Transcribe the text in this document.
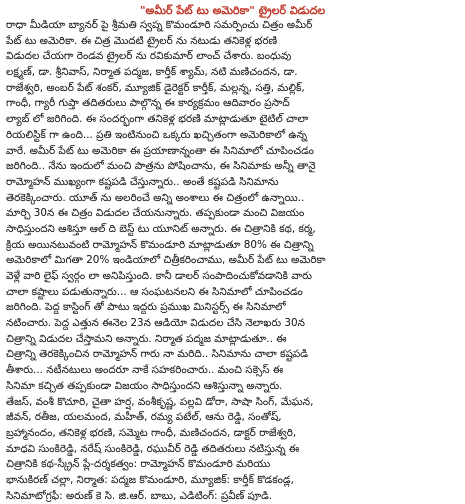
"అమీర్ పేట్ టు అమెరికా" ట్రైలర్ విడుదల
రాధా మీడియా బ్యానర్ పై శ్రీమతి స్వప్న కొమండూరి సమర్పించు చిత్రం అమీర్
పేట్ టు అమెరికా. ఈ చిత్ర మొదటి ట్రైలర్ ను నటుడు తనికెళ్ల భరణి
విడుదల చేయగా రెండవ ట్రైలర్ ను రవికుమార్ లాంచ్ చేశారు. బంధువు
లక్ష్మణ్, డా. శ్రీనివాస్, నిర్మాత పద్మజ, కార్తీక్ శ్యామ్, నటి మణిచందన, డా.
రాజేశ్వరి, అంబర్ పేట్ శంకర్, మ్యూజిక్ డైరెక్టర్ కార్తీక్, మల్లన్న, సత్తి, మల్లిక్,
గాంధీ, గ్యారీ గుప్తా తదితరులు పాల్గొన్న ఈ కార్యక్రమం ఆదివారం ప్రసాద్
ల్యాబ్ లో జరిగింది. ఈ సందర్భంగా తనికెళ్ల భరణి మాట్లాడుతూ టైటిల్ చాలా
రియలిస్టిక్ గా ఉంది... ప్రతి ఇంటినుంచి ఒక్కరు ఖచ్చితంగా అమెరికాలో ఉన్న
వారే. అమీర్ పేట్ టు అమెరికా ఈ ప్రయాణాన్నంతా ఈ సినిమాలో చూపించడం
జరిగింది.. నేను ఇందులో మంచి పాత్రను పోషించాను, ఈ సినిమాకు అన్నీ తానై
రామ్మోహన్ ముఖ్యంగా కష్టపడి చేస్తున్నారు.. అంతే కష్టపడి సినిమాను
తెరకెక్కించారు. యూత్ ను అలరించే అన్ని అంశాలు ఈ చిత్రంలో ఉన్నాయి..
మార్చి 30న ఈ చిత్రం విడుదల చేయనున్నారు. తప్పకుండా మంచి విజయం
సాధిస్తుందని ఆశిస్తూ ఆల్ ది బెస్ట్ టు యూనిట్ అన్నారు. ఈ చిత్రానికి కథ, కర్మ,
క్రియ అయినటువంటి రామ్మోహన్ కొమండూరి మాట్లాడుతూ 80% ఈ చిత్రాన్ని
అమెరికాలో మిగతా 20% ఇండియాలో చిత్రీకరించాము, అమీర్ పేట్ టు అమెరికా
వెళ్లే వారి లైఫ్ స్వర్గం లా అనిపిస్తుంది. కానీ డాలర్ సంపాదించుకోవడానికి వారు
చాలా కష్టాలు పడుతున్నారు... ఆ సంఘటనలని ఈ సినిమాలో చూపించడం
జరిగింది. పెద్ద కాస్టింగ్ తో పాటు ఇద్దరు ప్రముఖ మినిస్టర్స్ ఈ సినిమాలో
నటించారు. పెద్ద ఎత్తున ఈనెల 23న ఆడియో విడుదల చేసి నెలాఖరు 30న
చిత్రాన్ని విడుదల చేస్తామని అన్నారు. నిర్మాత పద్మజ మాట్లాడుతూ.. ఈ
చిత్రాన్ని తెరకెక్కించిన రామ్మోహన్ గారు నా మరిది.. సినిమాను చాలా కష్టపడి
తీశారు... నటీనటులు అందరూ నాకే సహకరించారు.. మంచి సక్సెస్ ఈ
సినిమా కచ్చిత తప్పకుండా విజయం సాధిస్తుందని ఆశిస్తున్నా అన్నారు.
తేజస్, వంశీ కొచూరి, చైతా హర్ష, వంశీకృష్ణ, పల్లవి డోరా, సాషా సింగ్, మేఘన,
జీవన్, రతీజ, యలమంద, మహీత్, రమ్య పటేల్, ఆను రెడ్డి, సంతోష్,
బ్రహ్మానందం, తనికెళ్ల భరణి, సమ్మెట గాంధీ, మణిచందన, డాక్టర్ రాజేశ్వరి,
మాధవి సుంకిరెడ్డి, నరేష్ సుంకిరెడ్డి, రఘువీర్ రెడ్డి తదితరులు నటిస్తున్న ఈ
చిత్రానికి కథ-స్క్రీన్ ప్లే-దర్శకత్వం: రామ్మోహన్ కొమండూరి మరియు
భానుకిరణ్ చల్లా, నిర్మాత: పద్మజ కొమండూరి, మ్యూజిక్: కార్తీక్ కొడకండ్ల,
సినిమాటోగ్రఫీ: అరుణ్ కె సి. జి.ఆర్. బాబు, ఎడిటింగ్: ప్రవీణ్ పూడి.
